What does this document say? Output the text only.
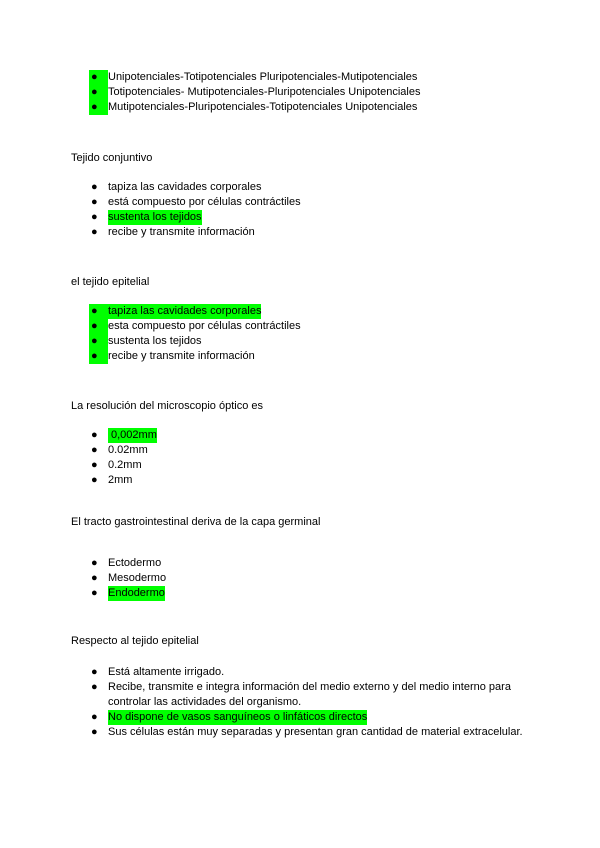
● Unipotenciales-Totipotenciales Pluripotenciales-Mutipotenciales
● Totipotenciales- Mutipotenciales-Pluripotenciales Unipotenciales
● Mutipotenciales-Pluripotenciales-Totipotenciales Unipotenciales
Tejido conjuntivo
● tapiza las cavidades corporales
● está compuesto por células contráctiles
● sustenta los tejidos
● recibe y transmite información
el tejido epitelial
● tapiza las cavidades corporales
● esta compuesto por células contráctiles
● sustenta los tejidos
● recibe y transmite información
La resolución del microscopio óptico es
●	0,002mm
● 0.02mm
● 0.2mm
● 2mm
El tracto gastrointestinal deriva de la capa germinal
● Ectodermo
● Mesodermo
● Endodermo
Respecto al tejido epitelial
● Está altamente irrigado.
● Recibe, transmite e integra información del medio externo y del medio interno para controlar las actividades del organismo.
● No dispone de vasos sanguíneos o linfáticos directos
● Sus células están muy separadas y presentan gran cantidad de material extracelular.
